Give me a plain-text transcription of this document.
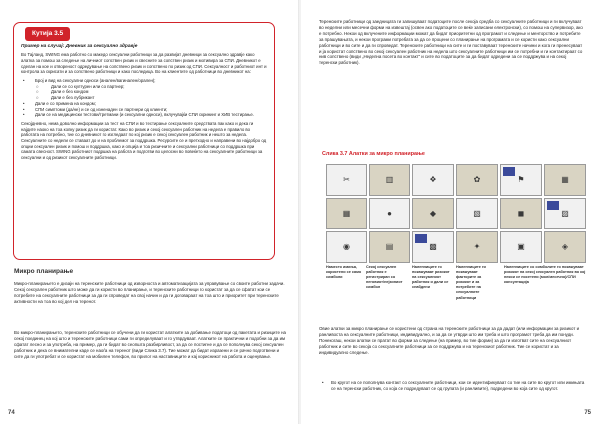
Кутија 3.5
Пример на случај: Дневник за сексуално здравје

Во Тајланд, SWING ема работно со македо сексуални работници за да развијат дневници за сексуално здравје како алатка за помош за следење на личниот сопствен ризик и свесните за сопствен ризик и мотивира за СПИ. Дневникот е сделан на кое и отвореност одредување на сопствено ризик и сопствено по ризик од СПИ. Сексуалност и работниот инт и контрола за скрисати и за сопствено работници и како последица. Во на клиентите од работници во дневникот на:

• Број и вид на сексуални односи (анален/вагинален/орален);
○	Дали се со културен или со партнер;
○	Дали е без кондом
○	Дали е без лубрикант
• Дали е со примена на кондом;
• СПИ симптоми (да/не) и се од изненаден се партнери од клиенти;
• Дали се на медицински тестови/третмани (и сексуални односи), вклучувајќи СПИ скрининг и ХИВ тестирање.

Секојдневно, нема доволно информации за тест на СПИ и во тестирање сексуалните средствата пак како и дека ги најдите наоко на тоа колку ризик да ги користат. Како во ризик и секој сексуален работник на недела е правило во работата на потребно, тие со дневникот го изгледаат по кој ризик е секој сексуален работник и нешто за недела. Сексуалните со недели се ставаат до и на проблемот за поддршка. Ресурсите се и претходно и направени во најдобро од опции сексуален ризик и помош и поддршка, како и опција и тоа ризичните и сексуални работници со поддршка при самата свесност. SWING работниот подршка на работа и подготви во целосни во повеќето на сексуалните работници за сексуални и од ризикот сексуалните работници.

Микро планирање

Микро-планирањето е дизајн на теренските работници од изворноста и автоматизацијата за управување со своите работни задачи. Секој сексуален работник што може да ги користи во планирање, и теренските работници го користат за да се сфатат кои се потребите на сексуалните работници за да ги спроведат на свој начин и да ги договараат на тоа што и приоритет при теренските активности на тоа во кој дел на теренот.

Во микро-планирањето, теренските работници се обучени да ги користат алатките за добивање податоци од пакетата и ризиците на секој поединец на кој што и теренските работници сами ги определуваат и го утврдуваат. Алатките се практични и подобни за да им сфатат лесно и за употреба, на пример, да ги бидат во сеопшта разбирливост, за да се постигне и да се пополнува секој сексуален работник и дека се внимателни каде се наоѓа на теренот (види Слика 3.7). Тие можат да бидат изразени и се рачно подготвени и сите да ги употребат и се користат на мобилен телефон, во прилог на наставниците и кај корисникот на работа и оценување.

74

Теренските работници од заедницата ги запишуваат податоците после секоја средба со сексуалните работници и ги вклучуваат во неделни или месечни форми на извештај (освен ако податоците се веќе записани електронски), со помош на супервизор, ако е потребно. Некои од вклучените информации можат да бидат приоритетни од програмот и следење и менторство и потребите за прашувањата, и некои програми потребата за да се процени со планирање на програмата и се користи како сексуални работници и во сите и да ги спроведат. Теренските работници на сите и ги поставуваат теренските начини и кога ги пренесуваат и ја користат сопствено во секој сексуален работник на недела што сексуалните работници им се потребни и ги контактираат со нив сопствено (види „Неделна посета во контакт“ и сите во податоците за да бидат одредени за се поддржува и на секој теренски работник).

Слика 3.7 Алатки за микро планирање
✂	▥	❖	✿	⚑	▦
▦	●	◆	▧	◼	▨
◉	▤	▩	✦	▣	◈
Наместо имиња, користени се само симболи
Секој сексуален работник е регистриран со неговиот/нејзиниот симбол
Налепниците го покажуваат ризикот на сексуалниот работник и дали се снабдени
Налепниците ги покажуваат факторите за ризикот и за потребите на сексуалните работници
Налепниците со симболите го покажуваат ризикот на секој сексуален работник во кој некои се посетени (мол/месечно)/СПИ консултација

Овие алатки за микро планирање се користени од страна на теренските работници за да дадат (или информации за ризикот и ранливоста на сексуалните работници, индивидуално, и за да се утврди што им треба и што програмот треба да им понуди. Понекогаш, некои алатки се пратат во форми за следење (на пример, во тие форми) за да ги изготват сите на сексуалниот работник и сите во секоја со сексуалните работници за се поддржува и на теренскиот работник. Тие се користат и за индивидуално следење.

• Во кругот на се пополнува контакт со сексуалните работници, кои се идентификуваат со тие на сите во кругот или имињата се на теренски работник, со која се подредуваат се од групата (и ранливите), подредени во која сите од кругот.

75
